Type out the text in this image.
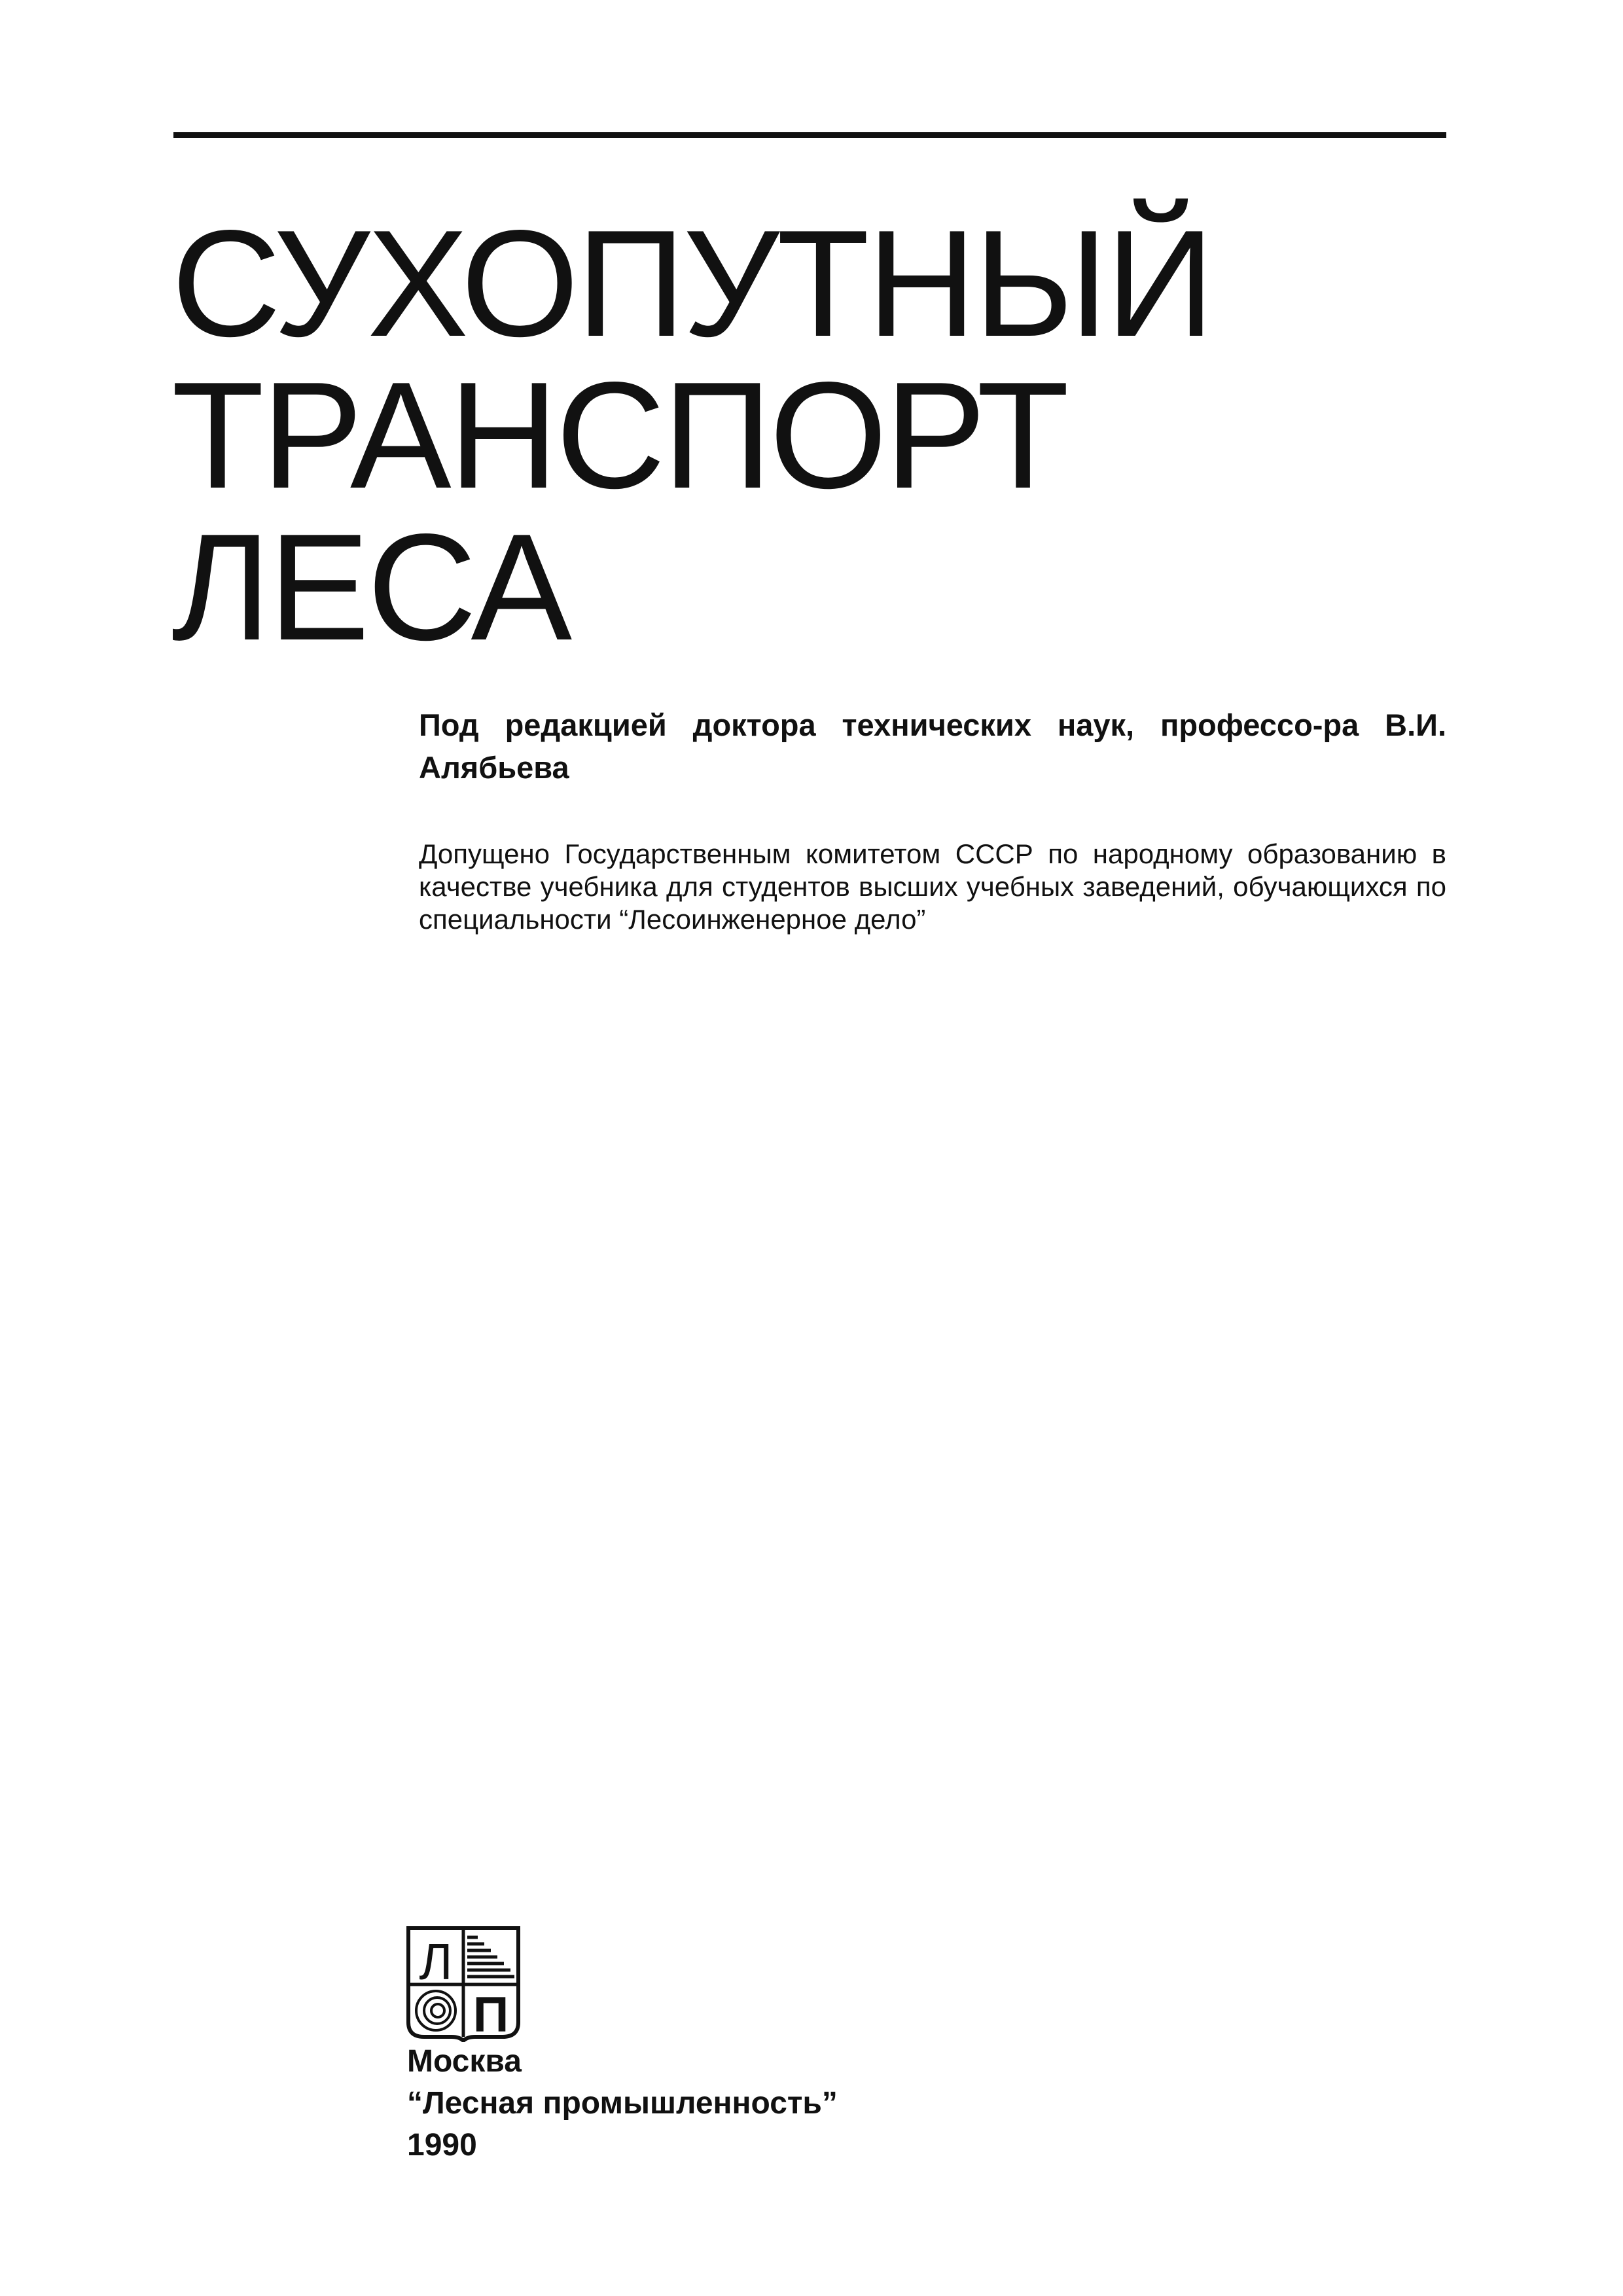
СУХОПУТНЫЙ
ТРАНСПОРТ
ЛЕСА

Под редакцией доктора технических наук, профессо-ра В.И. Алябьева

Допущено Государственным комитетом СССР по народному образованию в качестве учебника для студентов высших учебных заведений, обучающихся по специальности “Лесоинженерное дело”

Л
П
Москва
“Лесная промышленность”
1990
